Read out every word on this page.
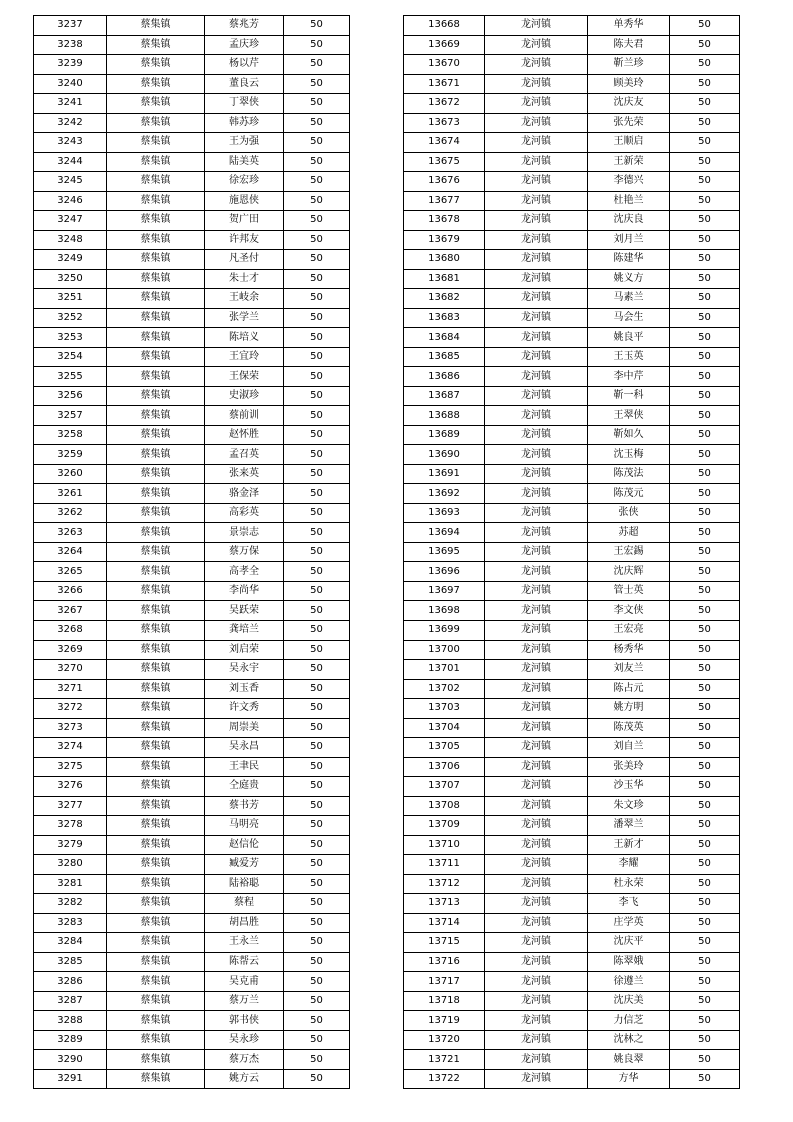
3237	蔡集镇	蔡兆芳	50
3238	蔡集镇	孟庆珍	50
3239	蔡集镇	杨以芹	50
3240	蔡集镇	董良云	50
3241	蔡集镇	丁翠侠	50
3242	蔡集镇	韩苏珍	50
3243	蔡集镇	王为强	50
3244	蔡集镇	陆美英	50
3245	蔡集镇	徐宏珍	50
3246	蔡集镇	施恩侠	50
3247	蔡集镇	贺广田	50
3248	蔡集镇	许邦友	50
3249	蔡集镇	凡圣付	50
3250	蔡集镇	朱士才	50
3251	蔡集镇	王岐余	50
3252	蔡集镇	张学兰	50
3253	蔡集镇	陈培义	50
3254	蔡集镇	王宜玲	50
3255	蔡集镇	王保荣	50
3256	蔡集镇	史淑珍	50
3257	蔡集镇	蔡前训	50
3258	蔡集镇	赵怀胜	50
3259	蔡集镇	孟召英	50
3260	蔡集镇	张来英	50
3261	蔡集镇	骆金泽	50
3262	蔡集镇	高彩英	50
3263	蔡集镇	景崇志	50
3264	蔡集镇	蔡万保	50
3265	蔡集镇	高孝全	50
3266	蔡集镇	李尚华	50
3267	蔡集镇	吴跃荣	50
3268	蔡集镇	龚培兰	50
3269	蔡集镇	刘启荣	50
3270	蔡集镇	吴永宇	50
3271	蔡集镇	刘玉香	50
3272	蔡集镇	许文秀	50
3273	蔡集镇	周崇美	50
3274	蔡集镇	吴永昌	50
3275	蔡集镇	王聿民	50
3276	蔡集镇	仝庭贵	50
3277	蔡集镇	蔡书芳	50
3278	蔡集镇	马明亮	50
3279	蔡集镇	赵信伦	50
3280	蔡集镇	臧爱芳	50
3281	蔡集镇	陆裕聪	50
3282	蔡集镇	蔡程	50
3283	蔡集镇	胡昌胜	50
3284	蔡集镇	王永兰	50
3285	蔡集镇	陈帮云	50
3286	蔡集镇	吴克甫	50
3287	蔡集镇	蔡万兰	50
3288	蔡集镇	郭书侠	50
3289	蔡集镇	吴永珍	50
3290	蔡集镇	蔡万杰	50
3291	蔡集镇	姚方云	50
13668	龙河镇	单秀华	50
13669	龙河镇	陈夫君	50
13670	龙河镇	靳兰珍	50
13671	龙河镇	顾美玲	50
13672	龙河镇	沈庆友	50
13673	龙河镇	张先荣	50
13674	龙河镇	王顺启	50
13675	龙河镇	王新荣	50
13676	龙河镇	李德兴	50
13677	龙河镇	杜艳兰	50
13678	龙河镇	沈庆良	50
13679	龙河镇	刘月兰	50
13680	龙河镇	陈建华	50
13681	龙河镇	姚义方	50
13682	龙河镇	马素兰	50
13683	龙河镇	马会生	50
13684	龙河镇	姚良平	50
13685	龙河镇	王玉英	50
13686	龙河镇	李中芹	50
13687	龙河镇	靳一科	50
13688	龙河镇	王翠侠	50
13689	龙河镇	靳如久	50
13690	龙河镇	沈玉梅	50
13691	龙河镇	陈茂法	50
13692	龙河镇	陈茂元	50
13693	龙河镇	张侠	50
13694	龙河镇	苏超	50
13695	龙河镇	王宏錫	50
13696	龙河镇	沈庆辉	50
13697	龙河镇	管士英	50
13698	龙河镇	李文侠	50
13699	龙河镇	王宏亮	50
13700	龙河镇	杨秀华	50
13701	龙河镇	刘友兰	50
13702	龙河镇	陈占元	50
13703	龙河镇	姚方明	50
13704	龙河镇	陈茂英	50
13705	龙河镇	刘自兰	50
13706	龙河镇	张美玲	50
13707	龙河镇	沙玉华	50
13708	龙河镇	朱文珍	50
13709	龙河镇	潘翠兰	50
13710	龙河镇	王新才	50
13711	龙河镇	李耀	50
13712	龙河镇	杜永荣	50
13713	龙河镇	李飞	50
13714	龙河镇	庄学英	50
13715	龙河镇	沈庆平	50
13716	龙河镇	陈翠娥	50
13717	龙河镇	徐遵兰	50
13718	龙河镇	沈庆美	50
13719	龙河镇	力信芝	50
13720	龙河镇	沈林之	50
13721	龙河镇	姚良翠	50
13722	龙河镇	方华	50
